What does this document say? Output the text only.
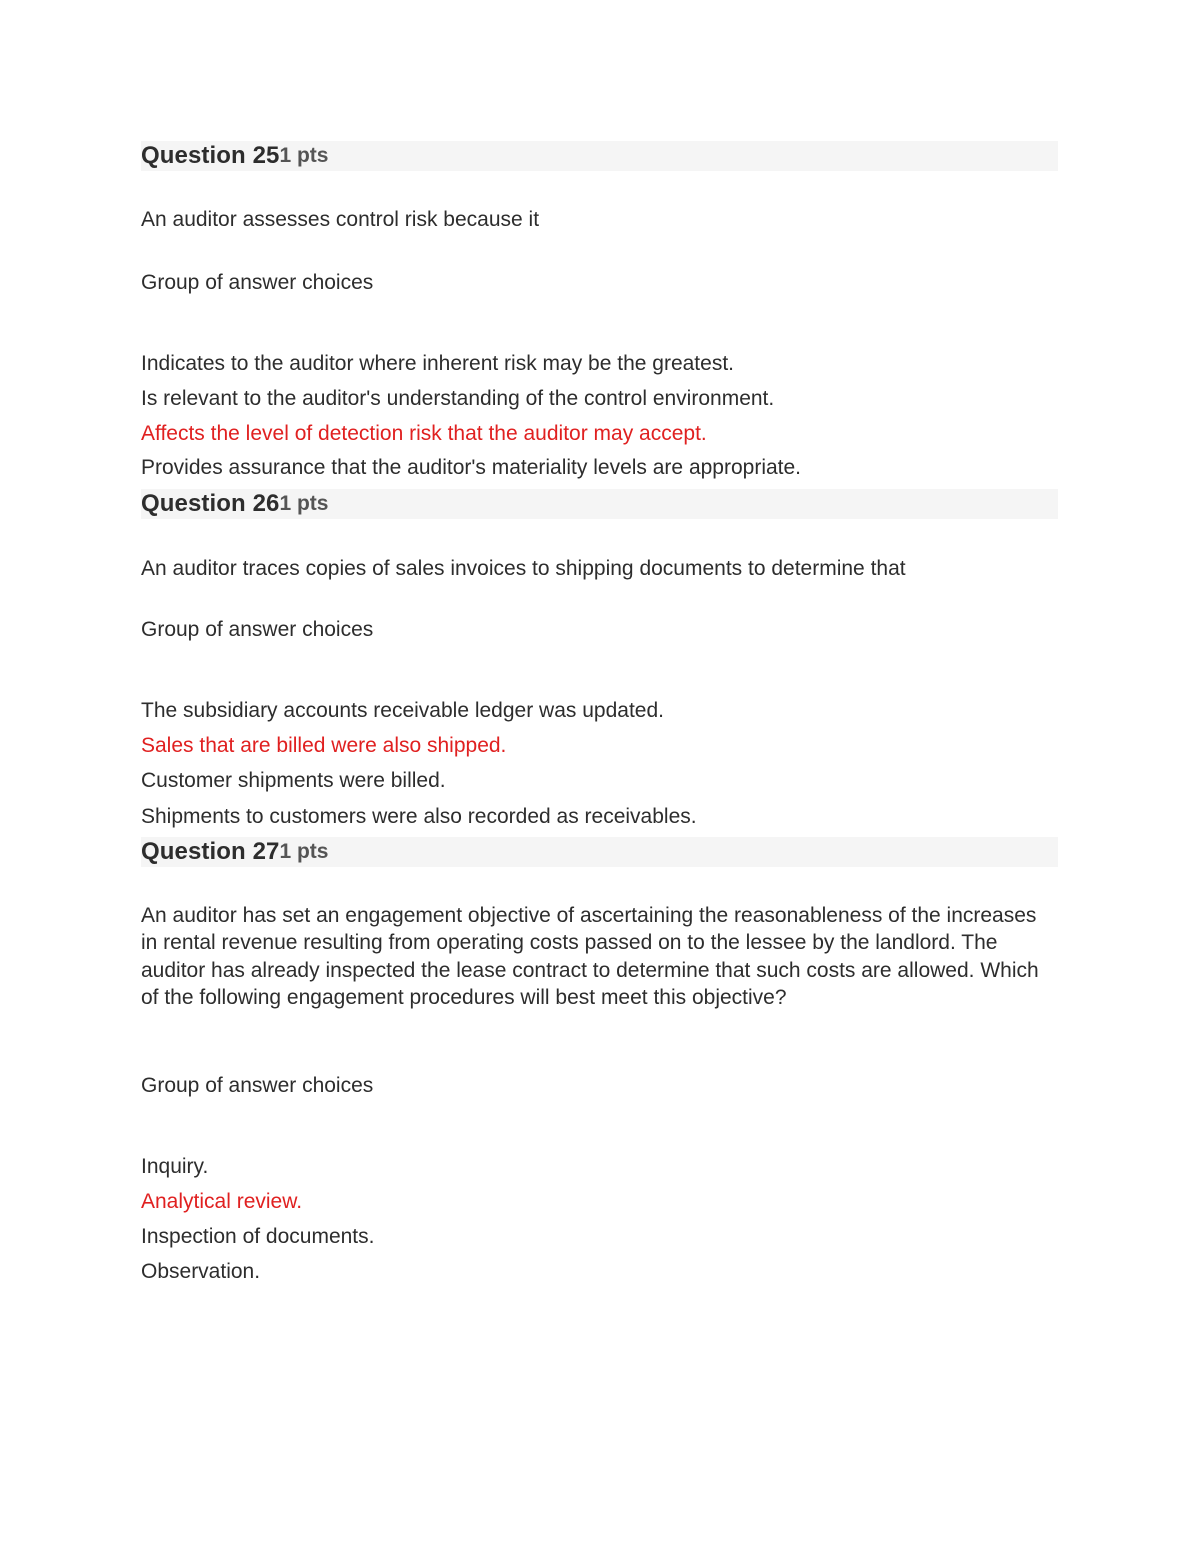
Question 25 1 pts

An auditor assesses control risk because it

Group of answer choices

Indicates to the auditor where inherent risk may be the greatest.

Is relevant to the auditor's understanding of the control environment.

Affects the level of detection risk that the auditor may accept.

Provides assurance that the auditor's materiality levels are appropriate.

Question 26 1 pts

An auditor traces copies of sales invoices to shipping documents to determine that

Group of answer choices

The subsidiary accounts receivable ledger was updated.

Sales that are billed were also shipped.

Customer shipments were billed.

Shipments to customers were also recorded as receivables.

Question 27 1 pts

An auditor has set an engagement objective of ascertaining the reasonableness of the increases in rental revenue resulting from operating costs passed on to the lessee by the landlord. The auditor has already inspected the lease contract to determine that such costs are allowed. Which of the following engagement procedures will best meet this objective?

Group of answer choices

Inquiry.

Analytical review.

Inspection of documents.

Observation.
